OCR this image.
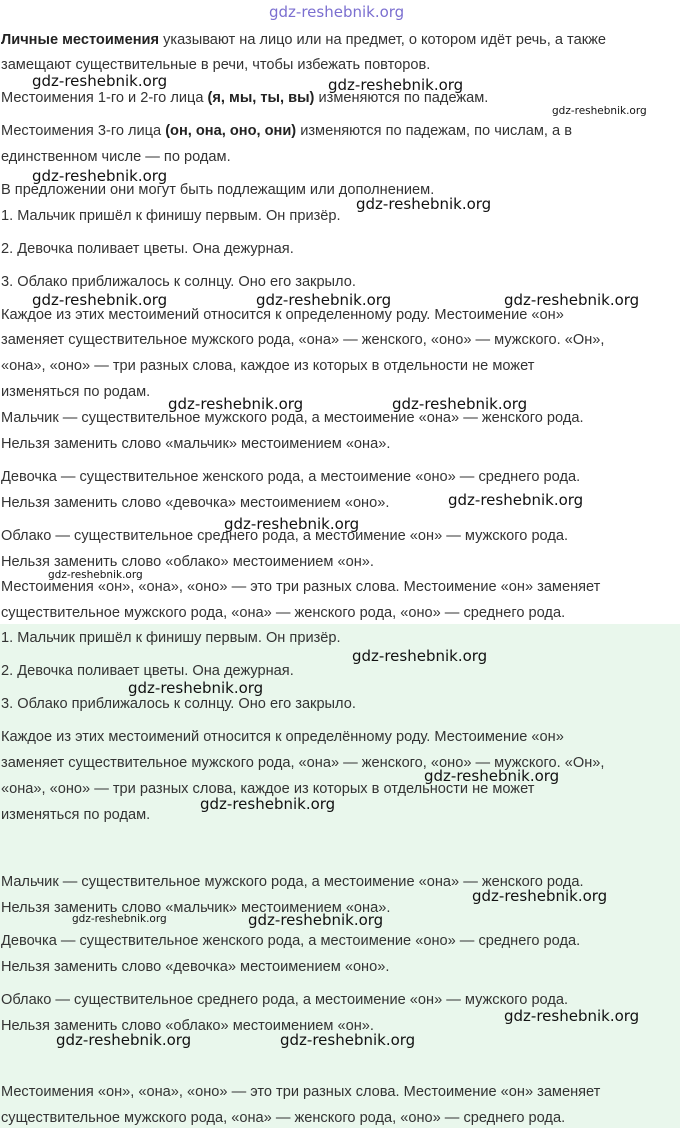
gdz-reshebnik.org
Личные местоимения указывают на лицо или на предмет, о котором идёт речь, а также
замещают существительные в речи, чтобы избежать повторов.
Местоимения 1-го и 2-го лица (я, мы, ты, вы) изменяются по падежам.
Местоимения 3-го лица (он, она, оно, они) изменяются по падежам, по числам, а в
единственном числе — по родам.
В предложении они могут быть подлежащим или дополнением.
1. Мальчик пришёл к финишу первым. Он призёр.
2. Девочка поливает цветы. Она дежурная.
3. Облако приближалось к солнцу. Оно его закрыло.
Каждое из этих местоимений относится к определенному роду. Местоимение «он»
заменяет существительное мужского рода, «она» — женского, «оно» — мужского. «Он»,
«она», «оно» — три разных слова, каждое из которых в отдельности не может
изменяться по родам.
Мальчик — существительное мужского рода, а местоимение «она» — женского рода.
Нельзя заменить слово «мальчик» местоимением «она».
Девочка — существительное женского рода, а местоимение «оно» — среднего рода.
Нельзя заменить слово «девочка» местоимением «оно».
Облако — существительное среднего рода, а местоимение «он» — мужского рода.
Нельзя заменить слово «облако» местоимением «он».
Местоимения «он», «она», «оно» — это три разных слова. Местоимение «он» заменяет
существительное мужского рода, «она» — женского рода, «оно» — среднего рода.
1. Мальчик пришёл к финишу первым. Он призёр.
2. Девочка поливает цветы. Она дежурная.
3. Облако приближалось к солнцу. Оно его закрыло.
Каждое из этих местоимений относится к определённому роду. Местоимение «он»
заменяет существительное мужского рода, «она» — женского, «оно» — мужского. «Он»,
«она», «оно» — три разных слова, каждое из которых в отдельности не может
изменяться по родам.
Мальчик — существительное мужского рода, а местоимение «она» — женского рода.
Нельзя заменить слово «мальчик» местоимением «она».
Девочка — существительное женского рода, а местоимение «оно» — среднего рода.
Нельзя заменить слово «девочка» местоимением «оно».
Облако — существительное среднего рода, а местоимение «он» — мужского рода.
Нельзя заменить слово «облако» местоимением «он».
Местоимения «он», «она», «оно» — это три разных слова. Местоимение «он» заменяет
существительное мужского рода, «она» — женского рода, «оно» — среднего рода.
gdz-reshebnik.org	gdz-reshebnik.org
gdz-reshebnik.org
gdz-reshebnik.org
gdz-reshebnik.org
gdz-reshebnik.org	gdz-reshebnik.org	gdz-reshebnik.org
gdz-reshebnik.org	gdz-reshebnik.org
gdz-reshebnik.org
gdz-reshebnik.org
gdz-reshebnik.org
gdz-reshebnik.org
gdz-reshebnik.org
gdz-reshebnik.org
gdz-reshebnik.org
gdz-reshebnik.org
gdz-reshebnik.org	gdz-reshebnik.org
gdz-reshebnik.org
gdz-reshebnik.org	gdz-reshebnik.org
